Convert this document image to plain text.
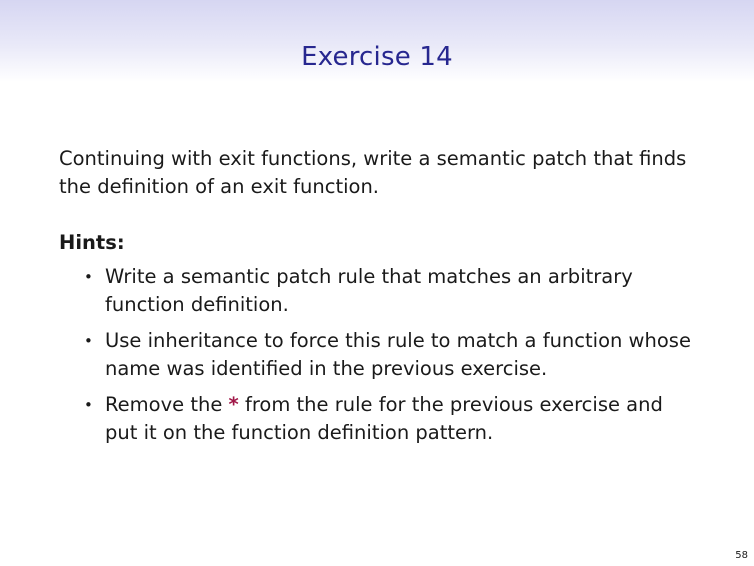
Exercise 14
Continuing with exit functions, write a semantic patch that finds the definition of an exit function.
Hints:
• Write a semantic patch rule that matches an arbitrary function definition.
• Use inheritance to force this rule to match a function whose name was identified in the previous exercise.
• Remove the * from the rule for the previous exercise and put it on the function definition pattern.
58
